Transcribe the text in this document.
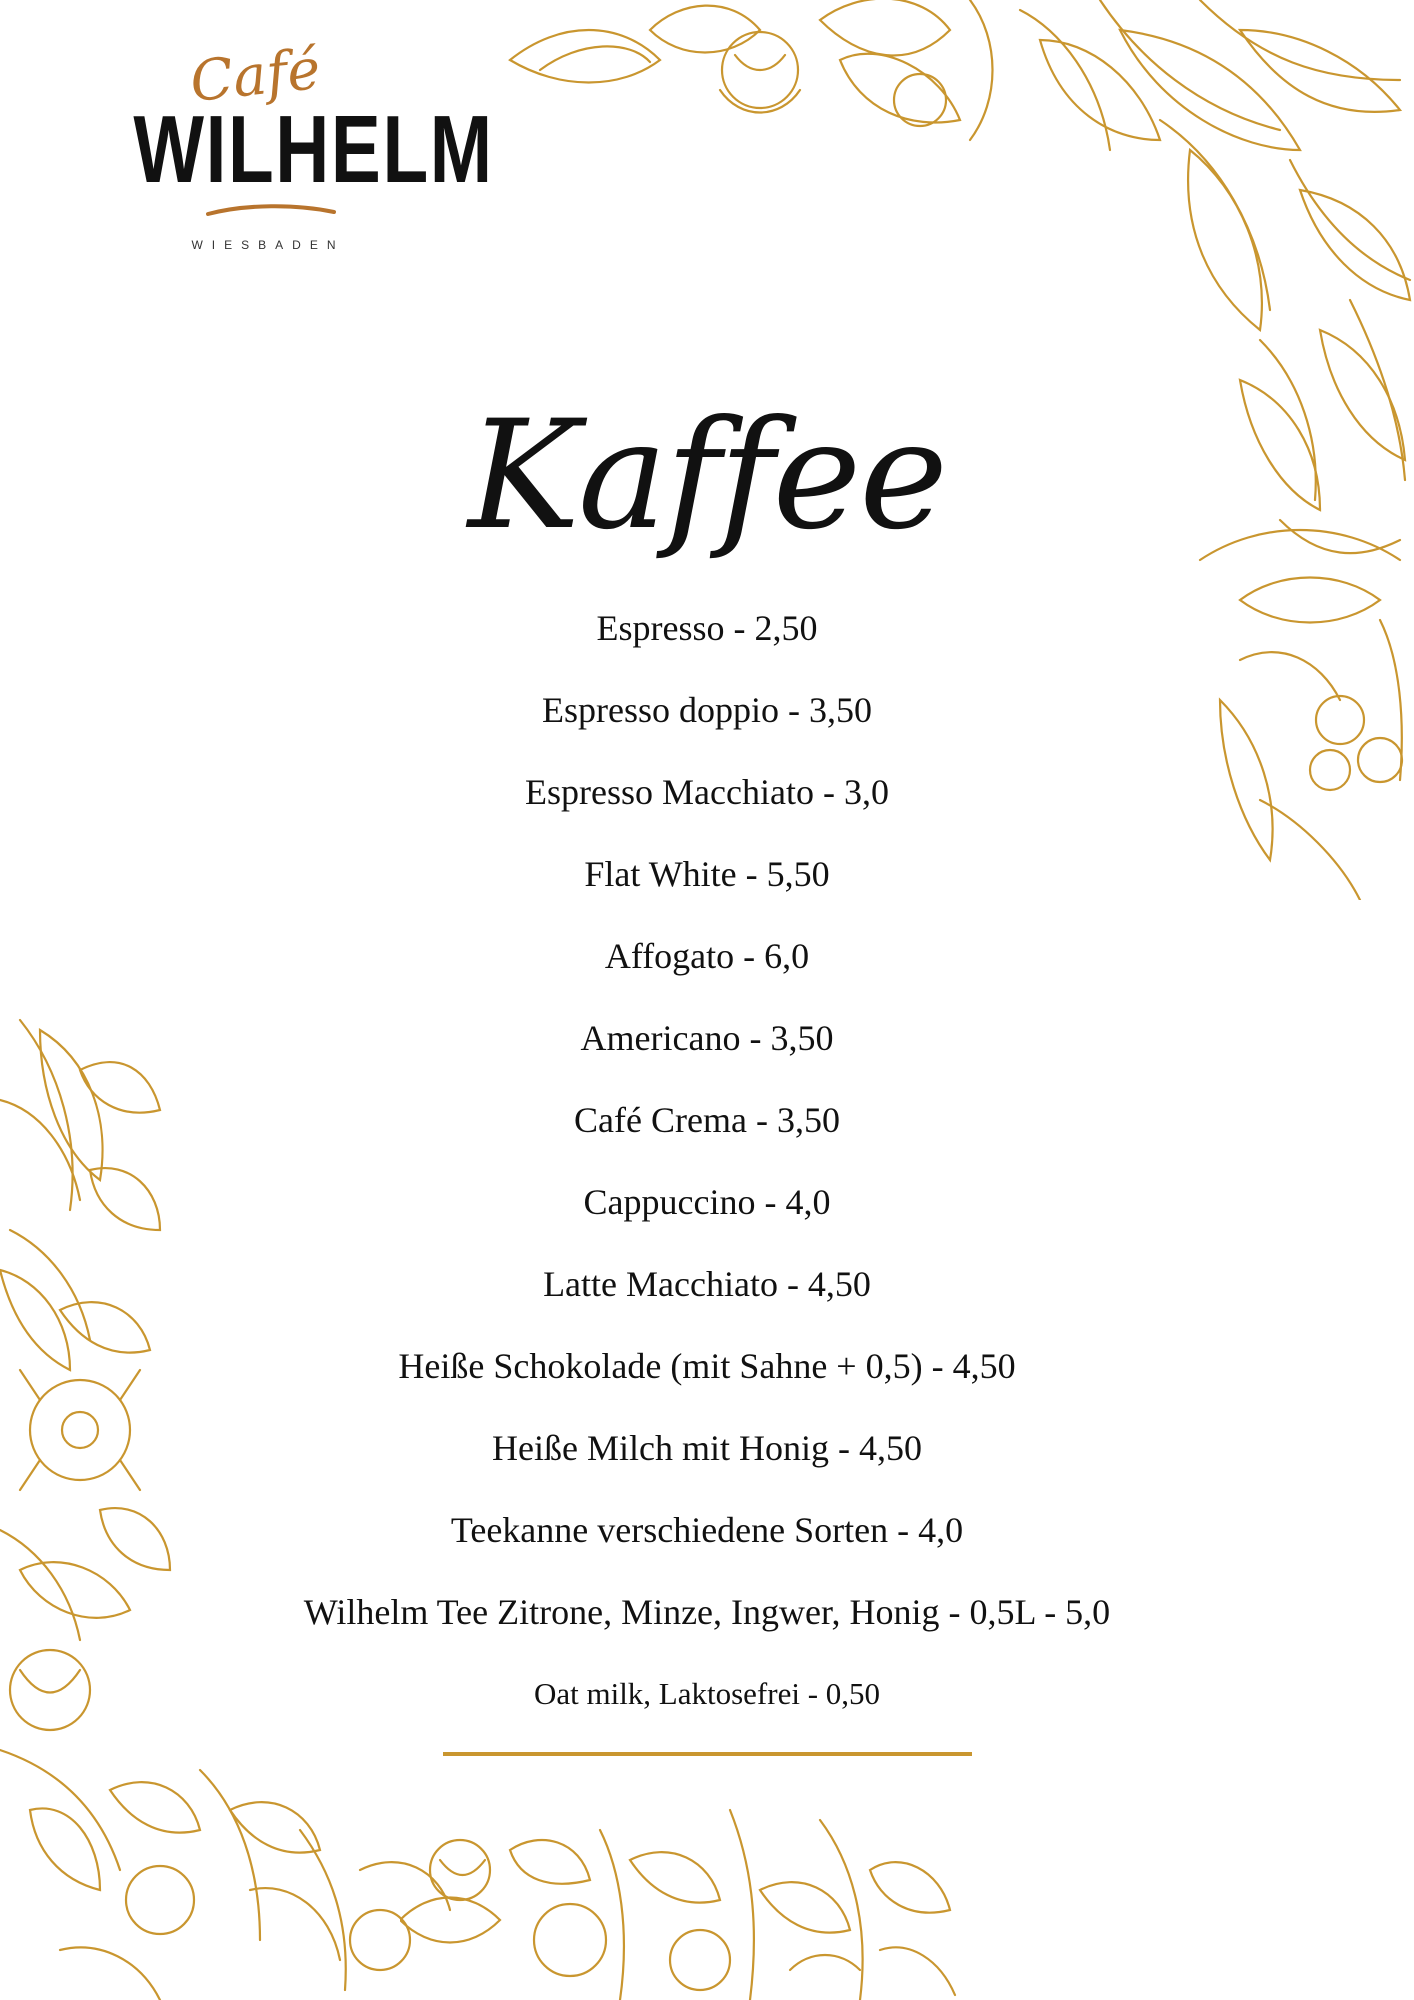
Café
WILHELM
WIESBADEN
Kaffee
Espresso - 2,50
Espresso doppio - 3,50
Espresso Macchiato - 3,0
Flat White - 5,50
Affogato - 6,0
Americano - 3,50
Café Crema - 3,50
Cappuccino - 4,0
Latte Macchiato - 4,50
Heiße Schokolade (mit Sahne + 0,5) - 4,50
Heiße Milch mit Honig - 4,50
Teekanne verschiedene Sorten - 4,0
Wilhelm Tee Zitrone, Minze, Ingwer, Honig - 0,5L - 5,0
Oat milk, Laktosefrei - 0,50
